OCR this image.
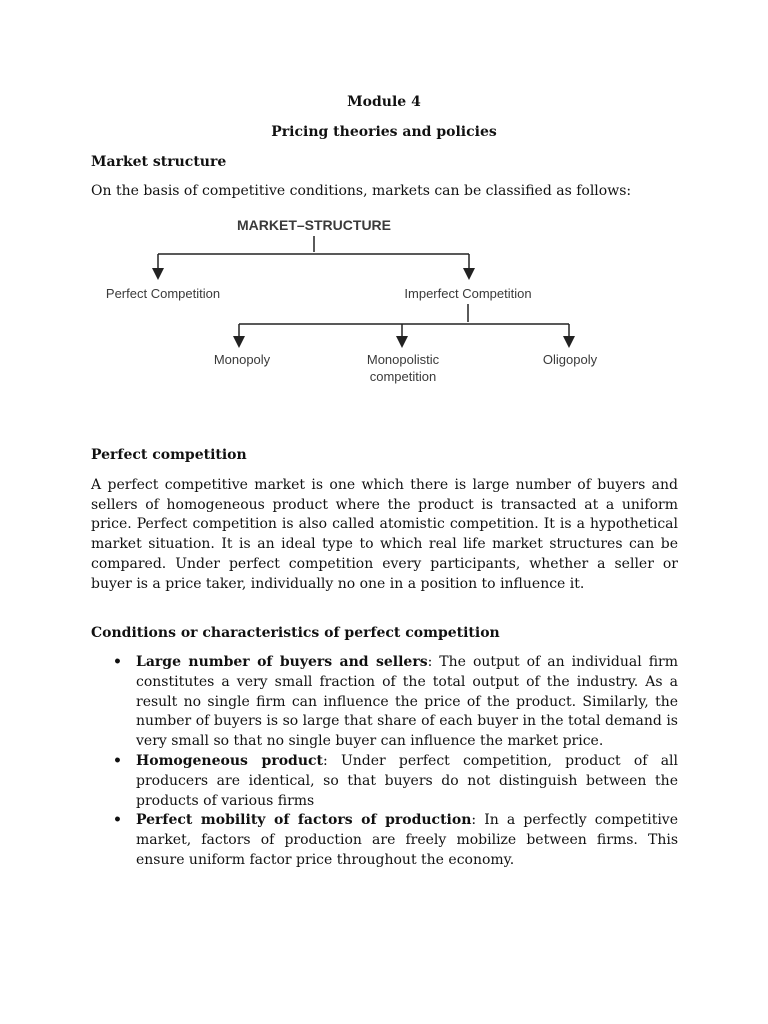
Module 4
Pricing theories and policies
Market structure
On the basis of competitive conditions, markets can be classified as follows:
MARKET–STRUCTURE
Perfect Competition	Imperfect Competition
Monopoly	Monopolistic
competition
Oligopoly
Perfect competition

A perfect competitive market is one which there is large number of buyers and sellers of homogeneous product where the product is transacted at a uniform price. Perfect competition is also called atomistic competition. It is a hypothetical market situation. It is an ideal type to which real life market structures can be compared. Under perfect competition every participants, whether a seller or buyer is a price taker, individually no one in a position to influence it.

Conditions or characteristics of perfect competition
• Large number of buyers and sellers: The output of an individual firm constitutes a very small fraction of the total output of the industry. As a result no single firm can influence the price of the product. Similarly, the number of buyers is so large that share of each buyer in the total demand is very small so that no single buyer can influence the market price.
• Homogeneous product: Under perfect competition, product of all producers are identical, so that buyers do not distinguish between the products of various firms
• Perfect mobility of factors of production: In a perfectly competitive market, factors of production are freely mobilize between firms. This ensure uniform factor price throughout the economy.
